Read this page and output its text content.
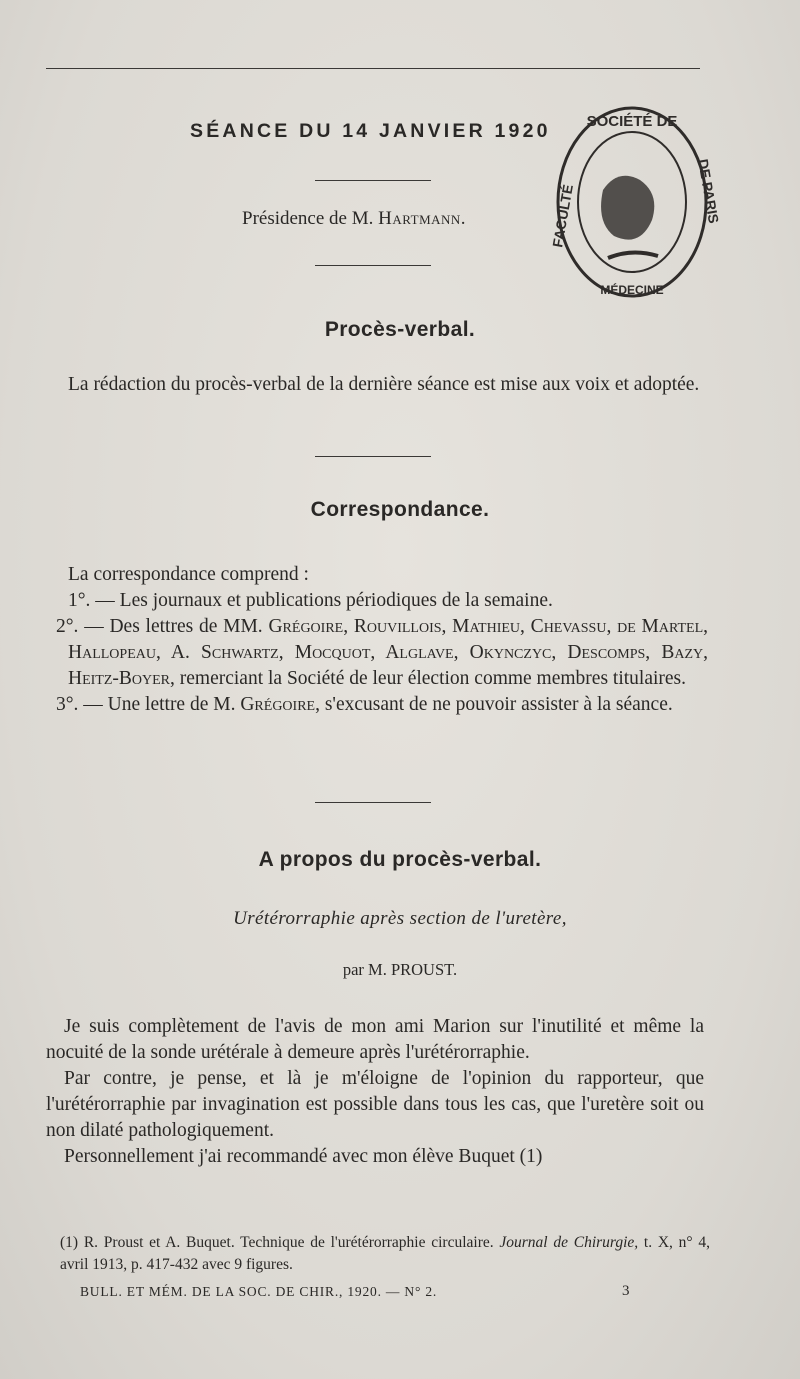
SÉANCE DU 14 JANVIER 1920
Présidence de M. Hartmann.
SOCIÉTÉ DE
FACULTÉ	DE PARIS
MÉDECINE
Procès-verbal.

La rédaction du procès-verbal de la dernière séance est mise aux voix et adoptée.

Correspondance.

La correspondance comprend :

1°. — Les journaux et publications périodiques de la semaine.

2°. — Des lettres de MM. Grégoire, Rouvillois, Mathieu, Chevassu, de Martel, Hallopeau, A. Schwartz, Mocquot, Alglave, Okynczyc, Descomps, Bazy, Heitz-Boyer, remerciant la Société de leur élection comme membres titulaires.

3°. — Une lettre de M. Grégoire, s'excusant de ne pouvoir assister à la séance.

A propos du procès-verbal.
Urétérorraphie après section de l'uretère,
par M. PROUST.

Je suis complètement de l'avis de mon ami Marion sur l'inutilité et même la nocuité de la sonde urétérale à demeure après l'urétérorraphie.

Par contre, je pense, et là je m'éloigne de l'opinion du rapporteur, que l'urétérorraphie par invagination est possible dans tous les cas, que l'uretère soit ou non dilaté pathologiquement.

Personnellement j'ai recommandé avec mon élève Buquet (1)

(1) R. Proust et A. Buquet. Technique de l'urétérorraphie circulaire. Journal de Chirurgie, t. X, n° 4, avril 1913, p. 417-432 avec 9 figures.
BULL. ET MÉM. DE LA SOC. DE CHIR., 1920. — N° 2.	3
